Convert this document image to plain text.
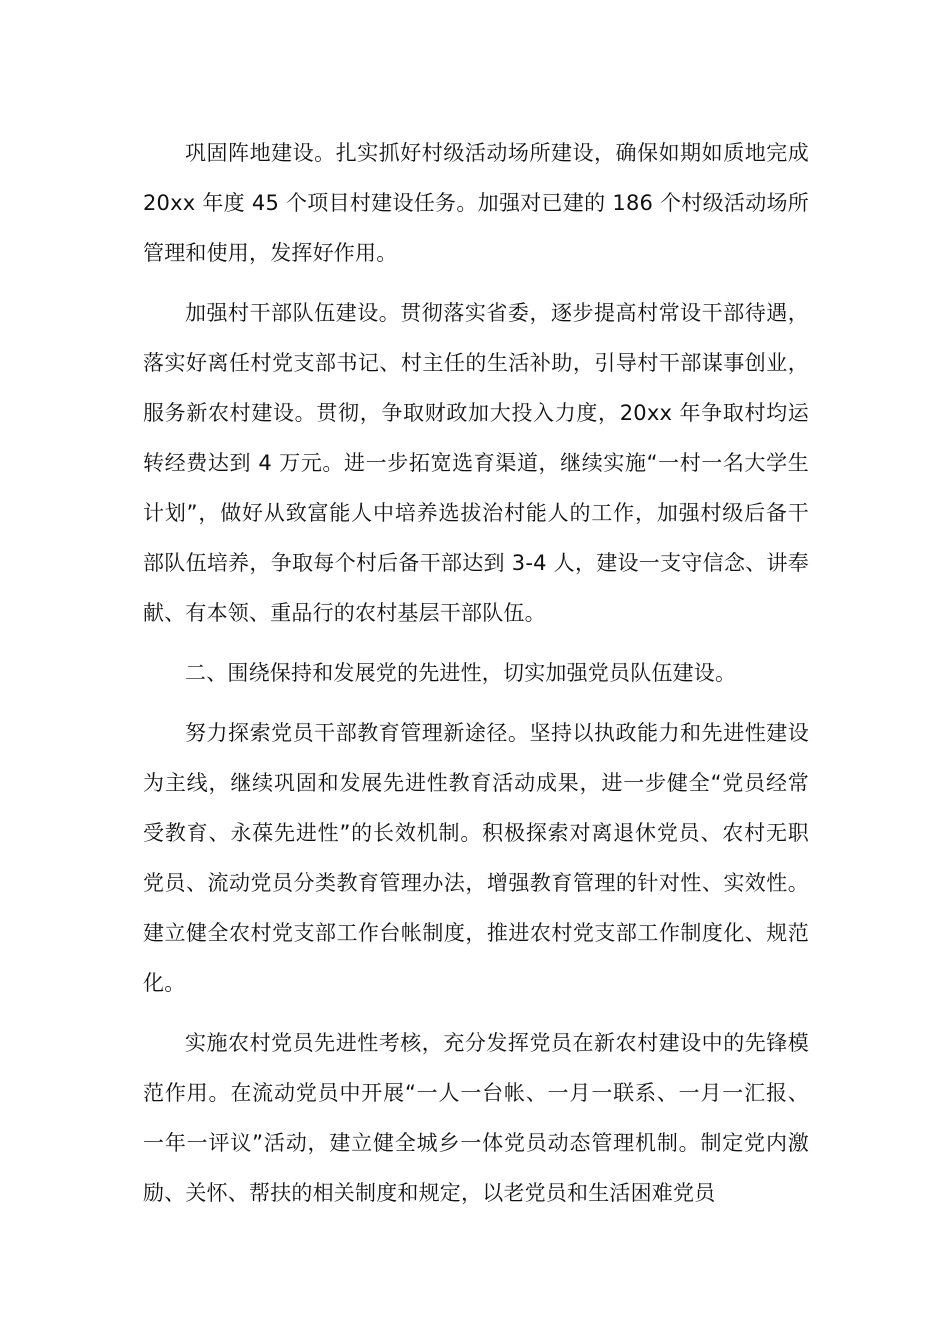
巩固阵地建设。扎实抓好村级活动场所建设，确保如期如质地完成 20xx 年度 45 个项目村建设任务。加强对已建的 186 个村级活动场所管理和使用，发挥好作用。

加强村干部队伍建设。贯彻落实省委，逐步提高村常设干部待遇，落实好离任村党支部书记、村主任的生活补助，引导村干部谋事创业，服务新农村建设。贯彻，争取财政加大投入力度，20xx 年争取村均运转经费达到 4 万元。进一步拓宽选育渠道，继续实施“一村一名大学生计划”，做好从致富能人中培养选拔治村能人的工作，加强村级后备干部队伍培养，争取每个村后备干部达到 3-4 人，建设一支守信念、讲奉献、有本领、重品行的农村基层干部队伍。

二、围绕保持和发展党的先进性，切实加强党员队伍建设。

努力探索党员干部教育管理新途径。坚持以执政能力和先进性建设为主线，继续巩固和发展先进性教育活动成果，进一步健全“党员经常受教育、永葆先进性”的长效机制。积极探索对离退休党员、农村无职党员、流动党员分类教育管理办法，增强教育管理的针对性、实效性。建立健全农村党支部工作台帐制度，推进农村党支部工作制度化、规范化。

实施农村党员先进性考核，充分发挥党员在新农村建设中的先锋模范作用。在流动党员中开展“一人一台帐、一月一联系、一月一汇报、一年一评议”活动，建立健全城乡一体党员动态管理机制。制定党内激励、关怀、帮扶的相关制度和规定，以老党员和生活困难党员
